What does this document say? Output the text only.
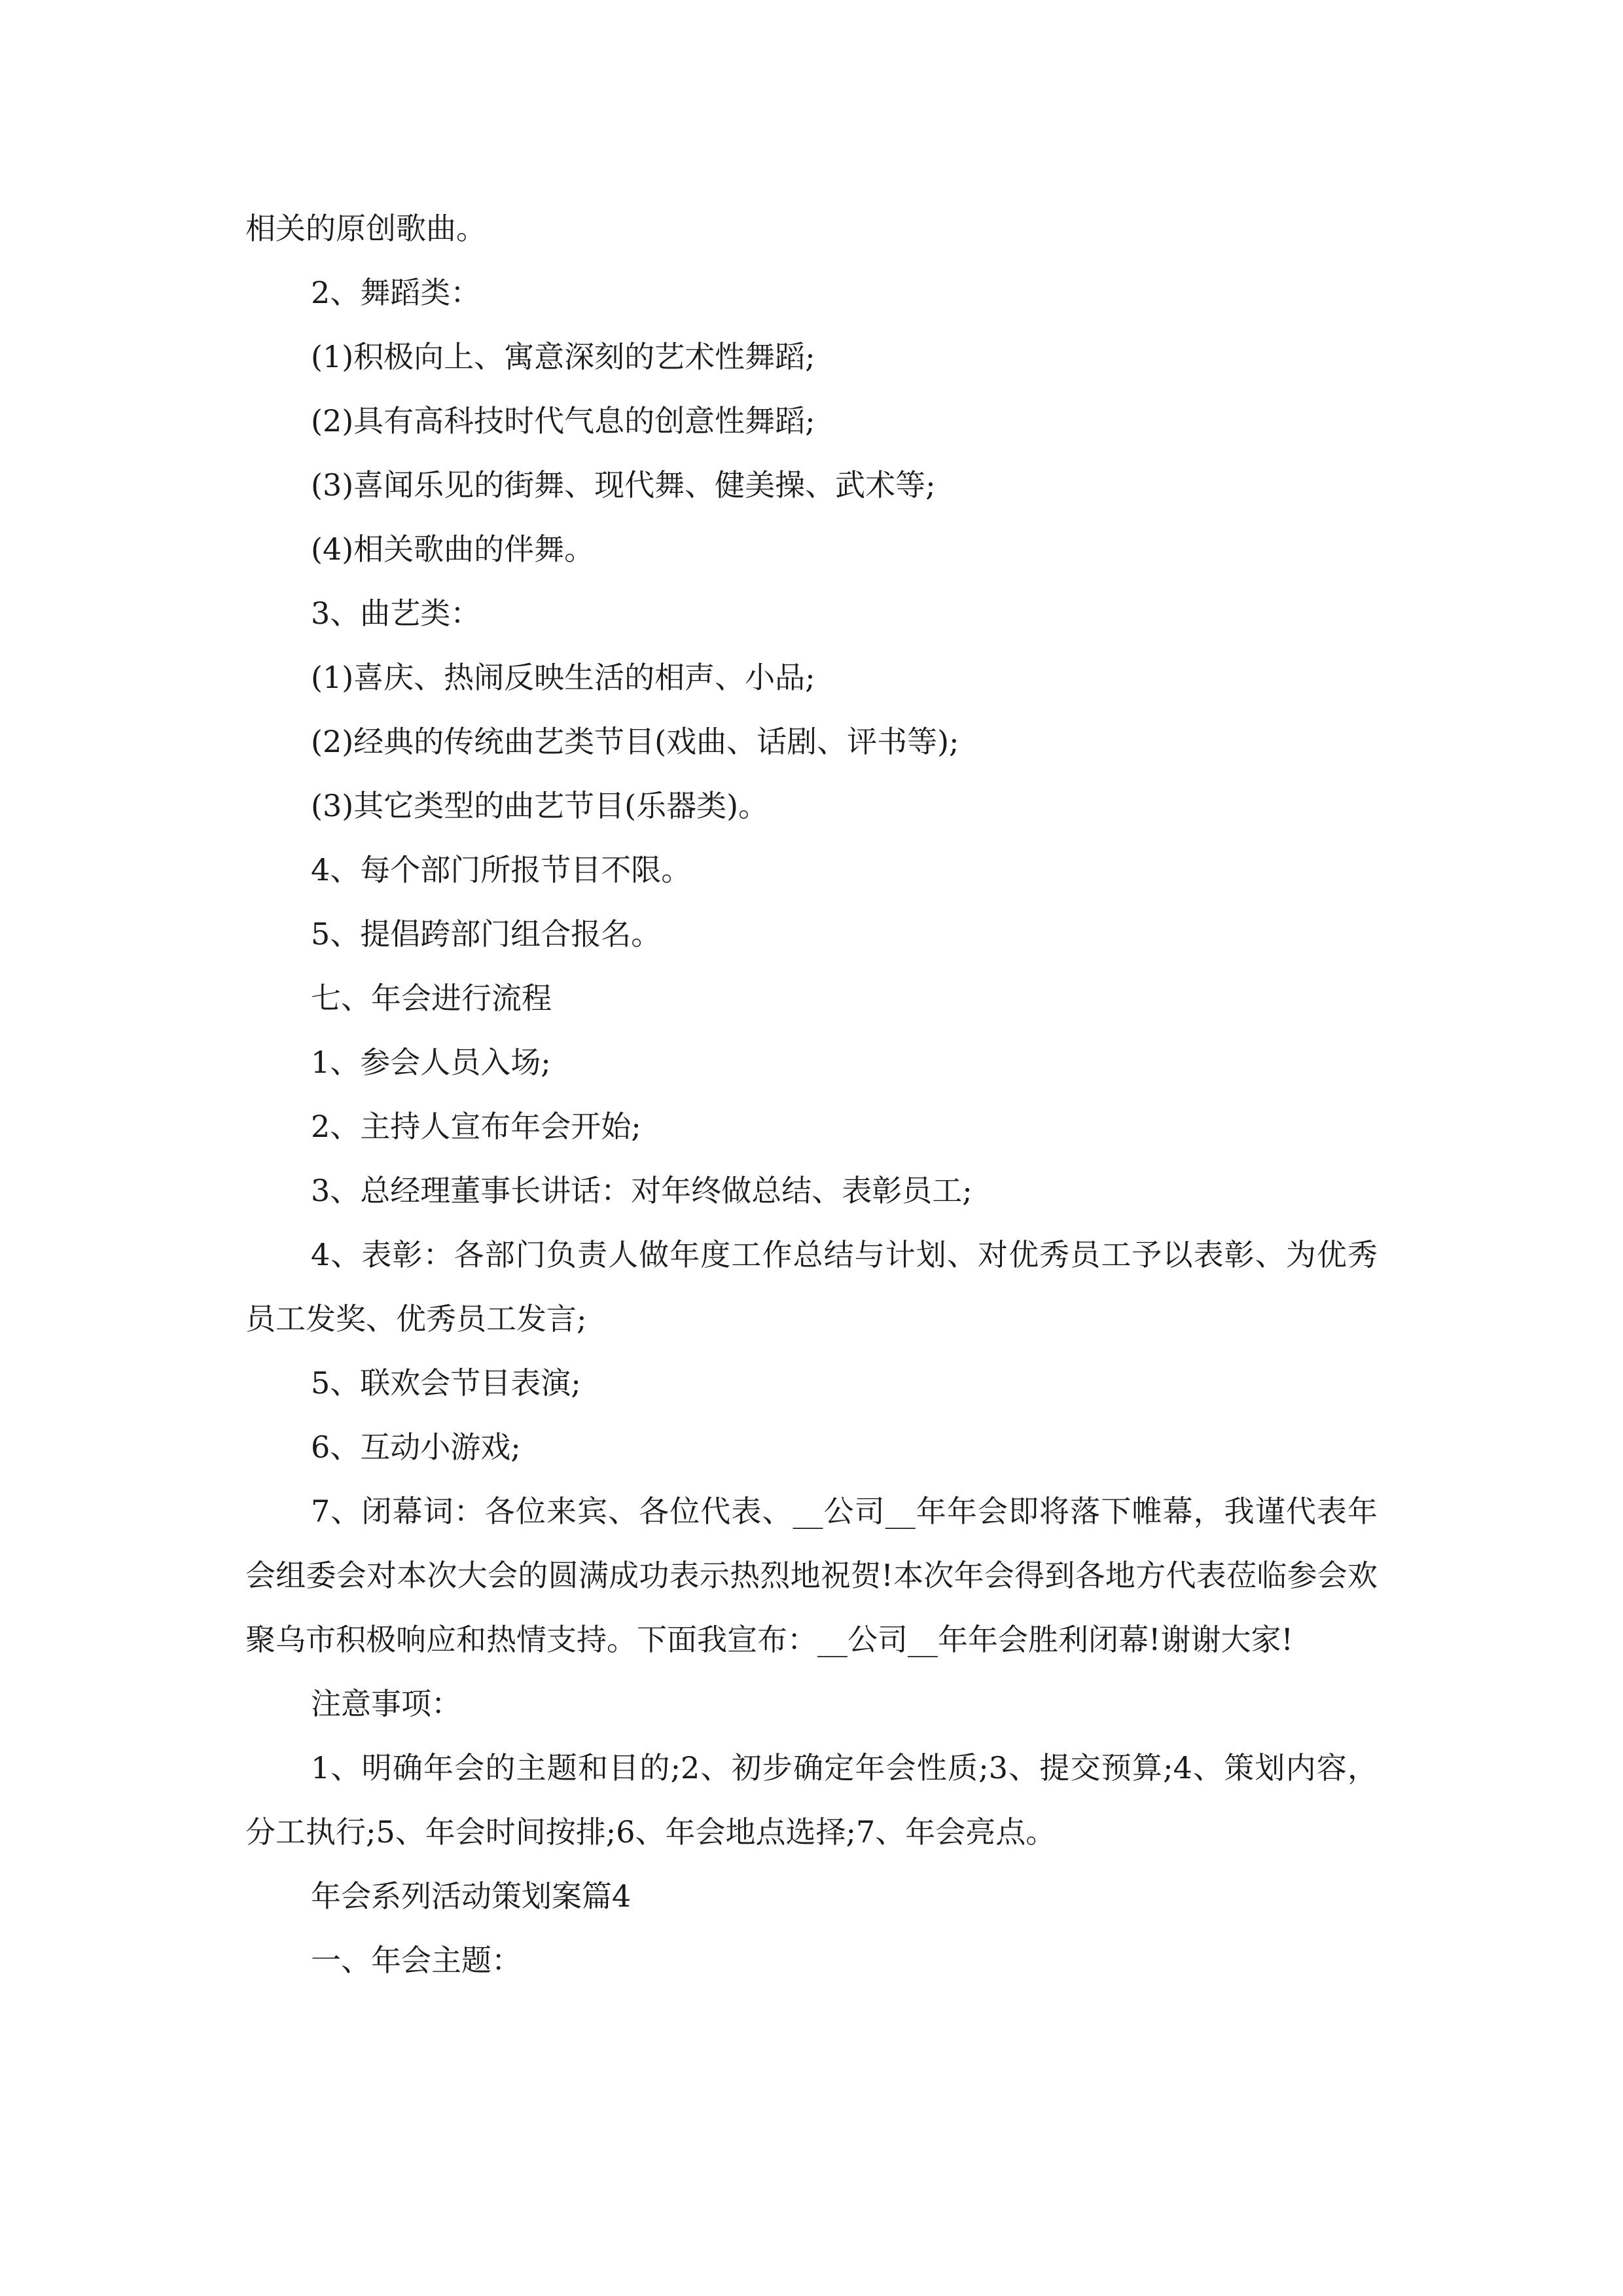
相关的原创歌曲。

2、舞蹈类：

(1)积极向上、寓意深刻的艺术性舞蹈;

(2)具有高科技时代气息的创意性舞蹈;

(3)喜闻乐见的街舞、现代舞、健美操、武术等;

(4)相关歌曲的伴舞。

3、曲艺类：

(1)喜庆、热闹反映生活的相声、小品;

(2)经典的传统曲艺类节目(戏曲、话剧、评书等);

(3)其它类型的曲艺节目(乐器类)。

4、每个部门所报节目不限。

5、提倡跨部门组合报名。

七、年会进行流程

1、参会人员入场;

2、主持人宣布年会开始;

3、总经理董事长讲话：对年终做总结、表彰员工;

4、表彰：各部门负责人做年度工作总结与计划、对优秀员工予以表彰、为优秀员工发奖、优秀员工发言;

5、联欢会节目表演;

6、互动小游戏;

7、闭幕词：各位来宾、各位代表、__公司__年年会即将落下帷幕，我谨代表年会组委会对本次大会的圆满成功表示热烈地祝贺!本次年会得到各地方代表莅临参会欢聚乌市积极响应和热情支持。下面我宣布：__公司__年年会胜利闭幕!谢谢大家!

注意事项：

1、明确年会的主题和目的;2、初步确定年会性质;3、提交预算;4、策划内容，分工执行;5、年会时间按排;6、年会地点选择;7、年会亮点。

年会系列活动策划案篇4

一、年会主题：
